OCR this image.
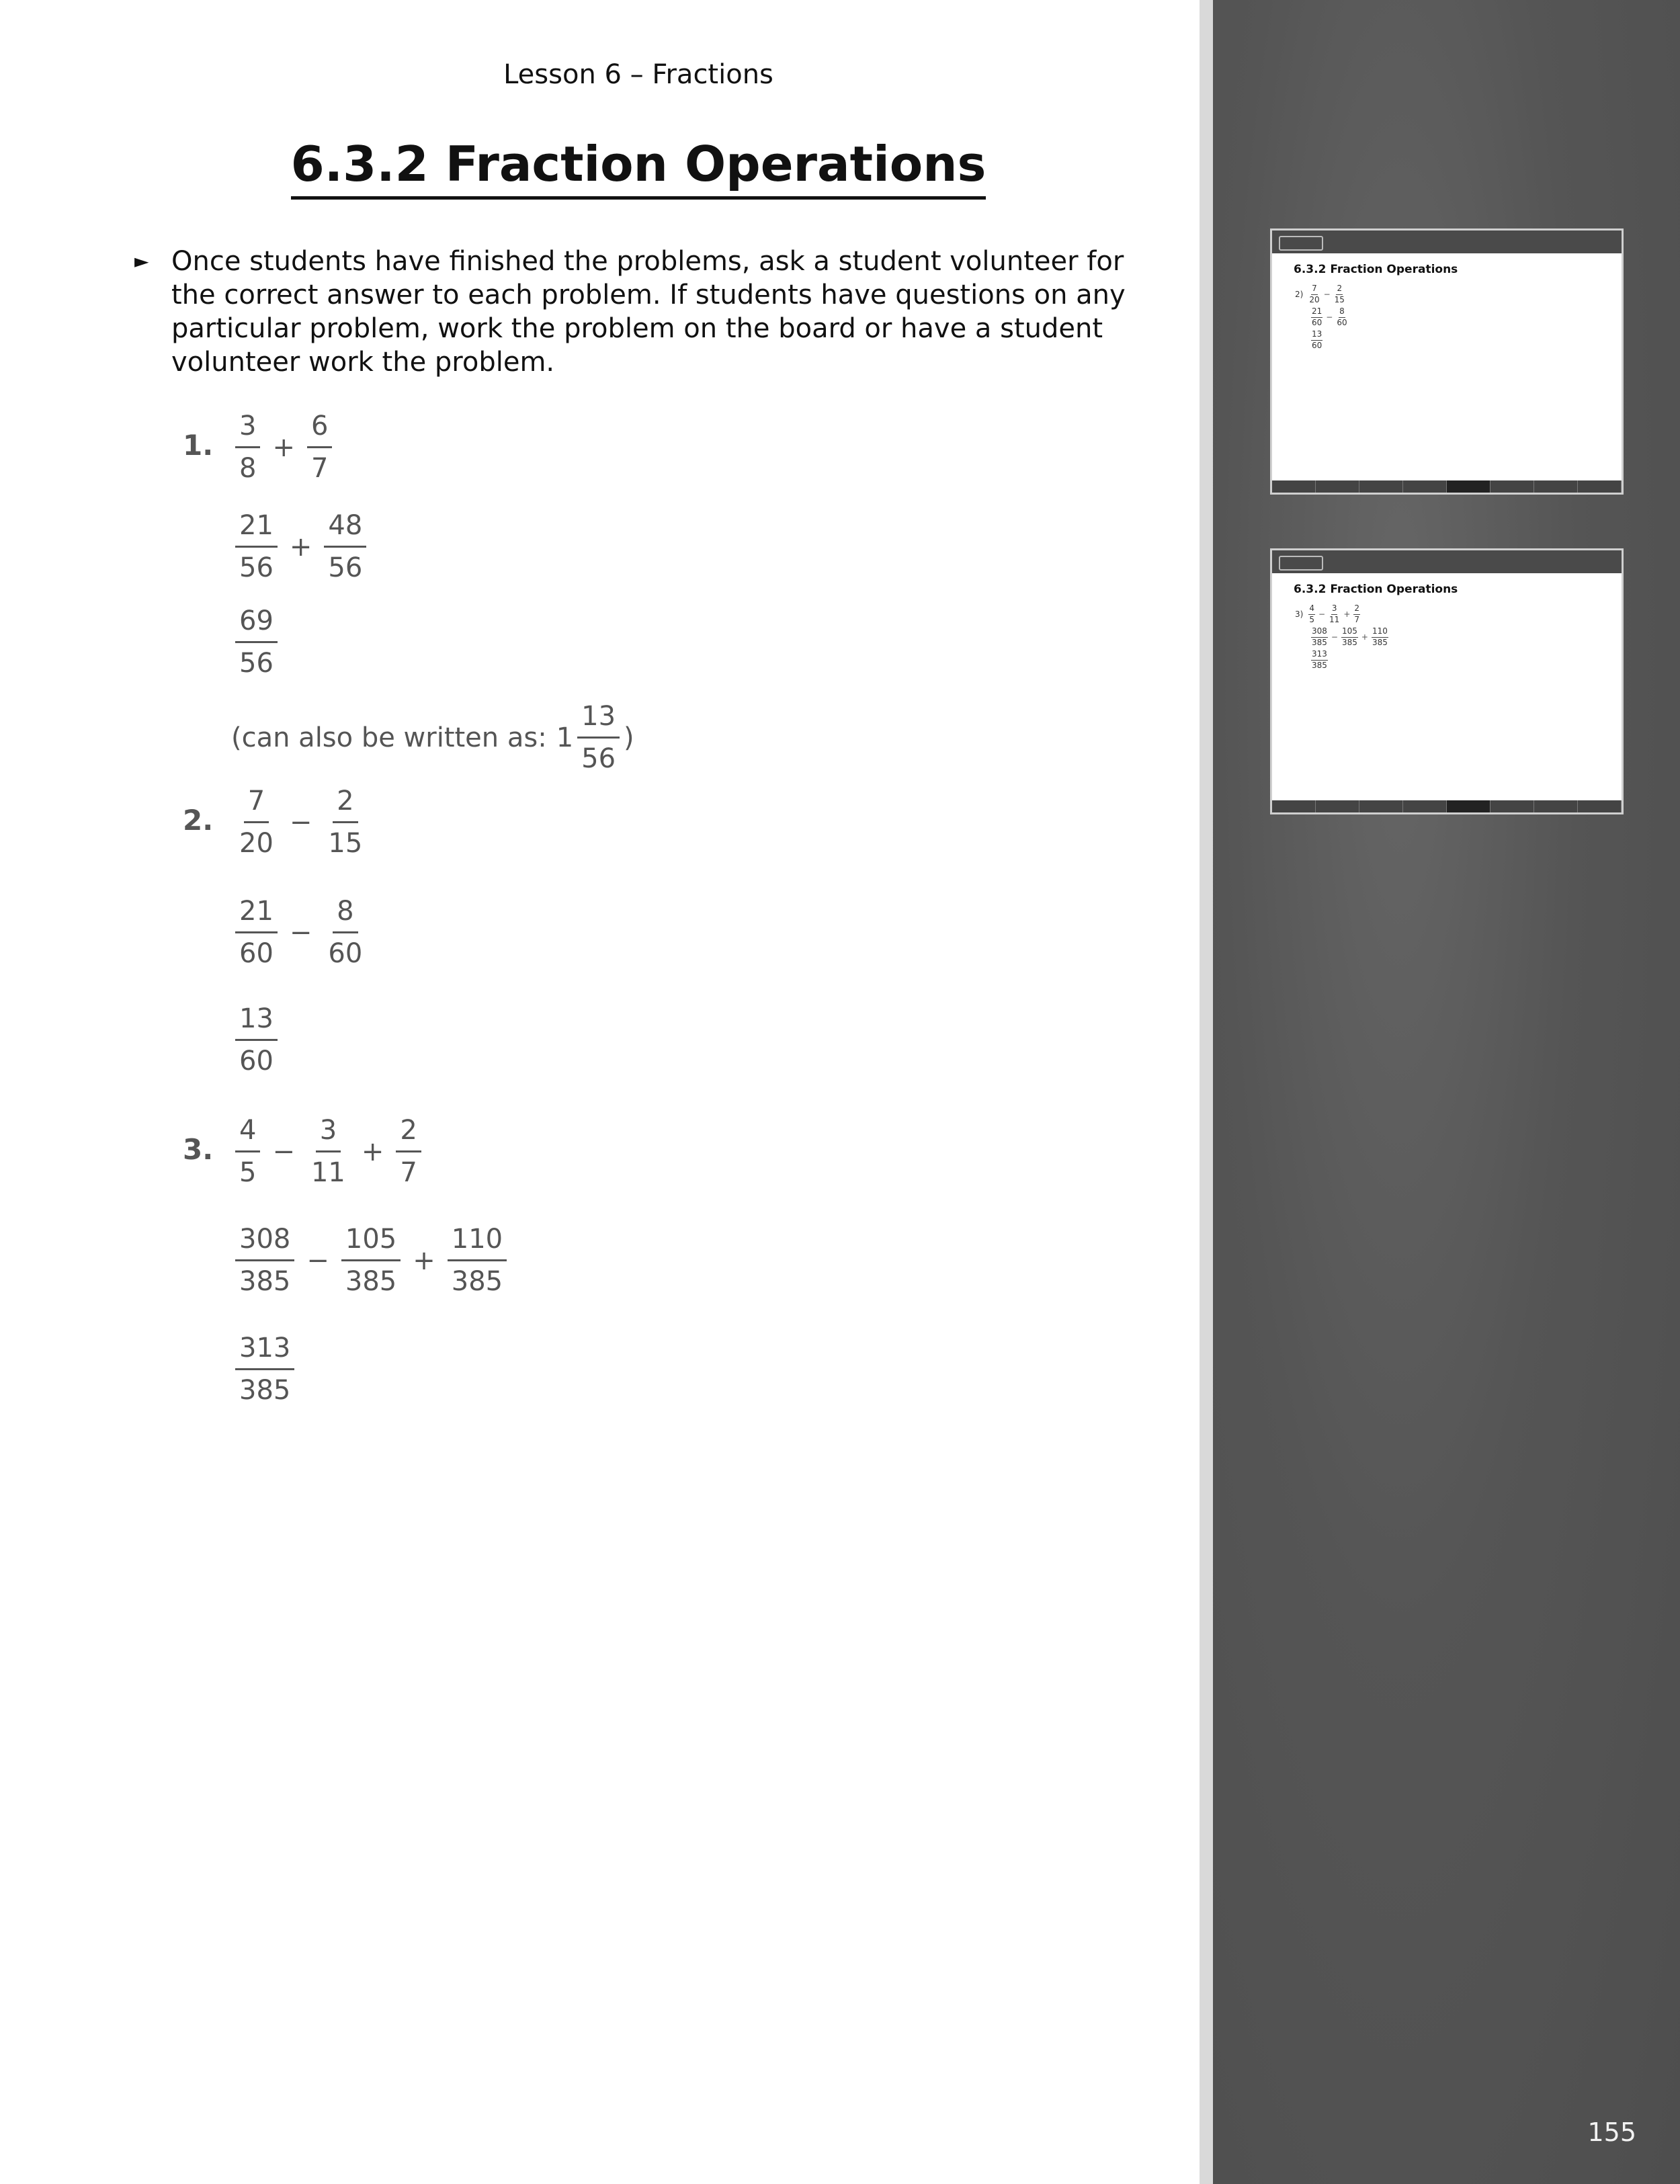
Lesson 6 – Fractions
6.3.2 Fraction Operations
► Once students have finished the problems, ask a student volunteer for the correct answer to each problem. If students have questions on any particular problem, work the problem on the board or have a student volunteer work the problem.
1. $\frac{3}{8} + \frac{6}{7}$
$\frac{21}{56} + \frac{48}{56}$
$\frac{69}{56}$
(can also be written as: $1 \frac{13}{56}$ )
2. $\frac{7}{20} - \frac{2}{15}$
$\frac{21}{60} - \frac{8}{60}$
$\frac{13}{60}$
3. $\frac{4}{5} - \frac{3}{11} + \frac{2}{7}$
$\frac{308}{385} - \frac{105}{385} + \frac{110}{385}$
$\frac{313}{385}$
155
6.3.2 Fraction Operations
$2) \frac{7}{20} - \frac{2}{15}$
$\frac{21}{60} - \frac{8}{60}$
$\frac{13}{60}$
6.3.2 Fraction Operations
$3) \frac{4}{5} - \frac{3}{11} + \frac{2}{7}$
$\frac{308}{385} - \frac{105}{385} + \frac{110}{385}$
$\frac{313}{385}$
